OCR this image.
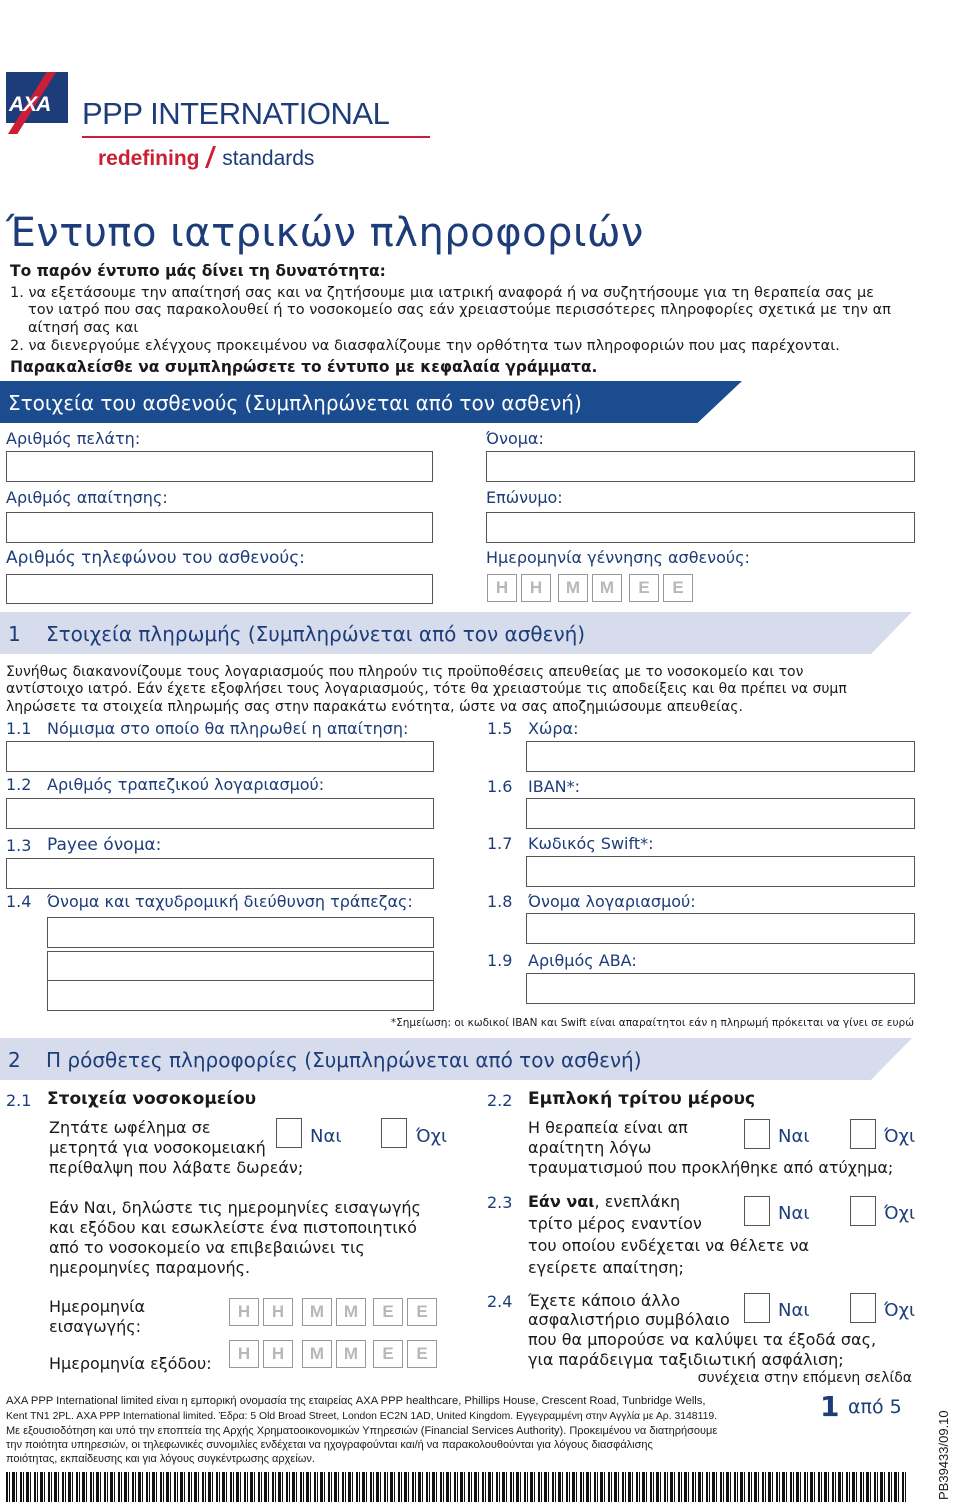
AXA PPP INTERNATIONAL
redefining standards
Έντυπο ιατρικών πληροφοριών
Το παρόν έντυπο μάς δίνει τη δυνατότητα:
1. να εξετάσουμε την απαίτησή σας και να ζητήσουμε μια ιατρική αναφορά ή να συζητήσουμε για τη θεραπεία σας με
τον ιατρό που σας παρακολουθεί ή το νοσοκομείο σας εάν χρειαστούμε περισσότερες πληροφορίες σχετικά με την απ
αίτησή σας και
2. να διενεργούμε ελέγχους προκειμένου να διασφαλίζουμε την ορθότητα των πληροφοριών που μας παρέχονται.
Παρακαλείσθε να συμπληρώσετε το έντυπο με κεφαλαία γράμματα.
Στοιχεία του ασθενούς (Συμπληρώνεται από τον ασθενή)
Αριθμός πελάτη:	Όνομα:
Αριθμός απαίτησης:	Επώνυμο:
Αριθμός τηλεφώνου του ασθενούς:	Ημερομηνία γέννησης ασθενούς:
Η	Η	Μ	Μ	Ε	Ε
1 Στοιχεία πληρωμής (Συμπληρώνεται από τον ασθενή)
Συνήθως διακανονίζουμε τους λογαριασμούς που πληρούν τις προϋποθέσεις απευθείας με το νοσοκομείο και τον
αντίστοιχο ιατρό. Εάν έχετε εξοφλήσει τους λογαριασμούς, τότε θα χρειαστούμε τις αποδείξεις και θα πρέπει να συμπ
ληρώσετε τα στοιχεία πληρωμής σας στην παρακάτω ενότητα, ώστε να σας αποζημιώσουμε απευθείας.
1.1 Νόμισμα στο οποίο θα πληρωθεί η απαίτηση:	1.5 Χώρα:
1.2 Αριθμός τραπεζικού λογαριασμού:	1.6 IBAN*:
1.3 Payee όνομα:	1.7 Κωδικός Swift*:
1.4 Όνομα και ταχυδρομική διεύθυνση τράπεζας:	1.8 Όνομα λογαριασμού:
1.9 Αριθμός ABA:
*Σημείωση: οι κωδικοί IBAN και Swift είναι απαραίτητοι εάν η πληρωμή πρόκειται να γίνει σε ευρώ
2 Π ρόσθετες πληροφορίες (Συμπληρώνεται από τον ασθενή)
2.1 Στοιχεία νοσοκομείου
Ζητάτε ωφέλημα σε
μετρητά για νοσοκομειακή
περίθαλψη που λάβατε δωρεάν;
Ναι	Όχι
Εάν Ναι, δηλώστε τις ημερομηνίες εισαγωγής
και εξόδου και εσωκλείστε ένα πιστοποιητικό
από το νοσοκομείο να επιβεβαιώνει τις
ημερομηνίες παραμονής.
Ημερομηνία
εισαγωγής:
Η	Η	Μ	Μ	Ε	Ε
Ημερομηνία εξόδου:
Η	Η	Μ	Μ	Ε	Ε
2.2 Εμπλοκή τρίτου μέρους
Η θεραπεία είναι απ
αραίτητη λόγω
τραυματισμού που προκλήθηκε από ατύχημα;
Ναι	Όχι
2.3 Εάν ναι, ενεπλάκη
τρίτο μέρος εναντίον
του οποίου ενδέχεται να θέλετε να
εγείρετε απαίτηση;
Ναι	Όχι
2.4 Έχετε κάποιο άλλο
ασφαλιστήριο συμβόλαιο
που θα μπορούσε να καλύψει τα έξοδά σας,
για παράδειγμα ταξιδιωτική ασφάλιση;
Ναι	Όχι
συνέχεια στην επόμενη σελίδα
AXA PPP International limited είναι η εμπορική ονομασία της εταιρείας AXA PPP healthcare, Phillips House, Crescent Road, Tunbridge Wells,
Kent TN1 2PL. AXA PPP International limited. Έδρα: 5 Old Broad Street, London EC2N 1AD, United Kingdom. Εγγεγραμμένη στην Αγγλία με Αρ. 3148119.
Με εξουσιοδότηση και υπό την εποπτεία της Αρχής Χρηματοοικονομικών Υπηρεσιών (Financial Services Authority). Προκειμένου να διατηρήσουμε
την ποιότητα υπηρεσιών, οι τηλεφωνικές συνομιλίες ενδέχεται να ηχογραφούνται και/ή να παρακολουθούνται για λόγους διασφάλισης
ποιότητας, εκπαίδευσης και για λόγους συγκέντρωσης αρχείων.
1 από 5
PB39433/09.10
